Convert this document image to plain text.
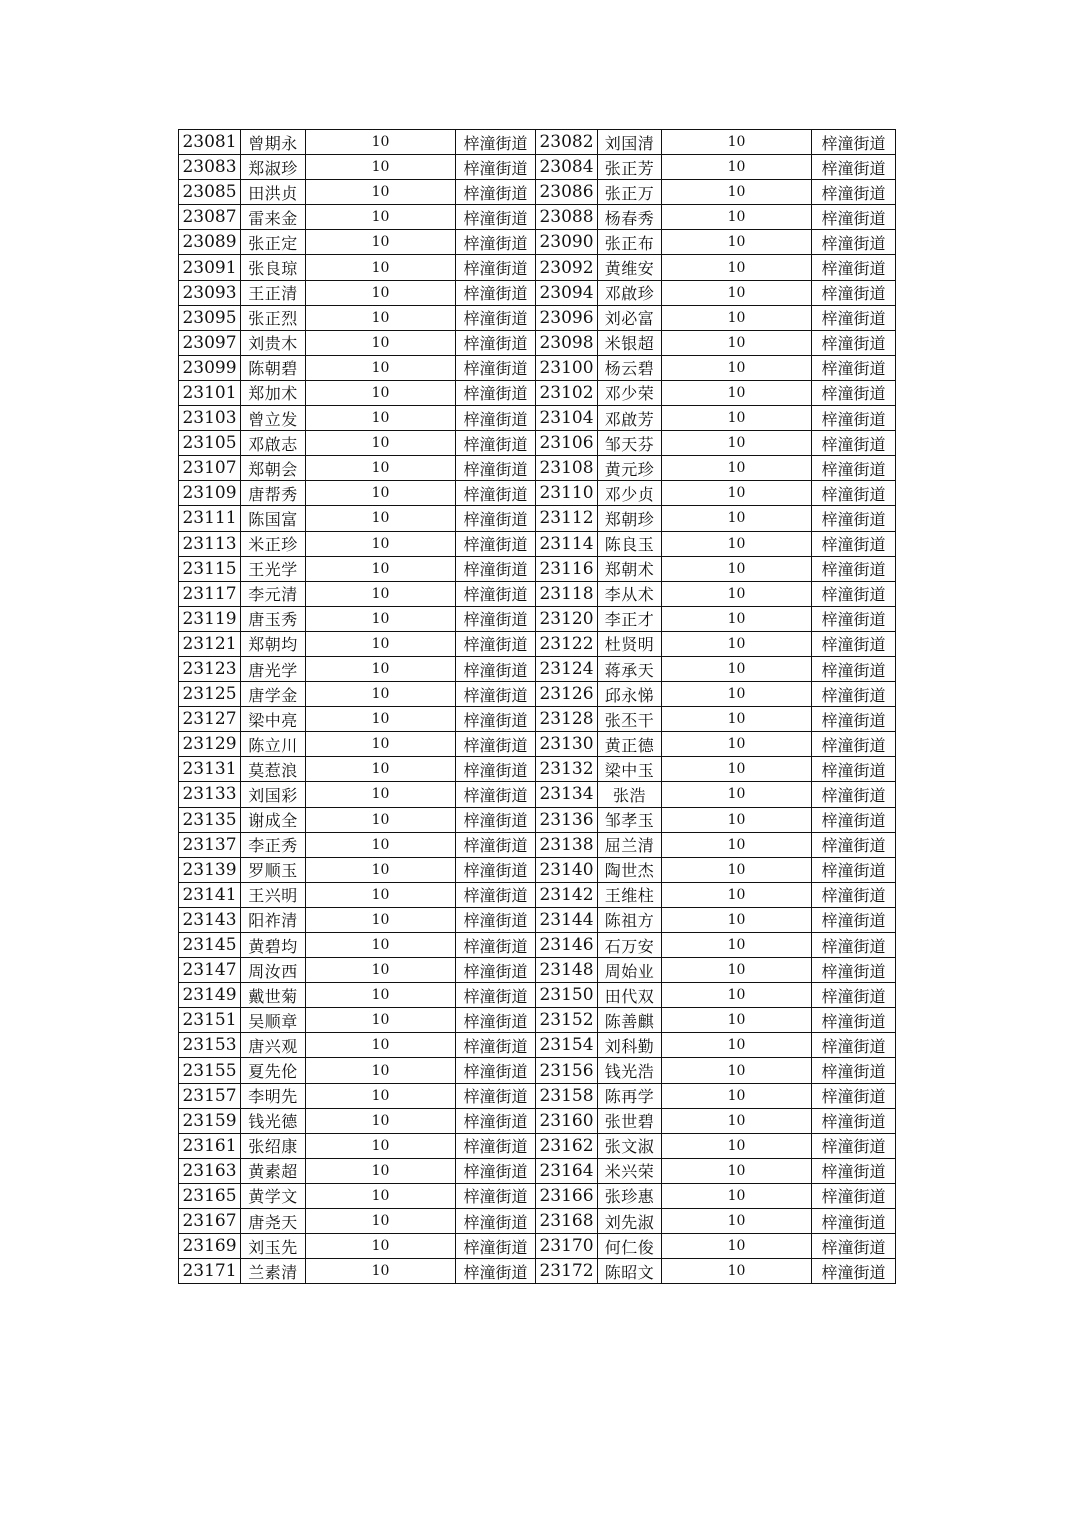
23081	曾期永	10	梓潼街道	23082	刘国清	10	梓潼街道
23083	郑淑珍	10	梓潼街道	23084	张正芳	10	梓潼街道
23085	田洪贞	10	梓潼街道	23086	张正万	10	梓潼街道
23087	雷来金	10	梓潼街道	23088	杨春秀	10	梓潼街道
23089	张正定	10	梓潼街道	23090	张正布	10	梓潼街道
23091	张良琼	10	梓潼街道	23092	黄维安	10	梓潼街道
23093	王正清	10	梓潼街道	23094	邓啟珍	10	梓潼街道
23095	张正烈	10	梓潼街道	23096	刘必富	10	梓潼街道
23097	刘贵木	10	梓潼街道	23098	米银超	10	梓潼街道
23099	陈朝碧	10	梓潼街道	23100	杨云碧	10	梓潼街道
23101	郑加术	10	梓潼街道	23102	邓少荣	10	梓潼街道
23103	曾立发	10	梓潼街道	23104	邓啟芳	10	梓潼街道
23105	邓啟志	10	梓潼街道	23106	邹天芬	10	梓潼街道
23107	郑朝会	10	梓潼街道	23108	黄元珍	10	梓潼街道
23109	唐帮秀	10	梓潼街道	23110	邓少贞	10	梓潼街道
23111	陈国富	10	梓潼街道	23112	郑朝珍	10	梓潼街道
23113	米正珍	10	梓潼街道	23114	陈良玉	10	梓潼街道
23115	王光学	10	梓潼街道	23116	郑朝术	10	梓潼街道
23117	李元清	10	梓潼街道	23118	李从术	10	梓潼街道
23119	唐玉秀	10	梓潼街道	23120	李正才	10	梓潼街道
23121	郑朝均	10	梓潼街道	23122	杜贤明	10	梓潼街道
23123	唐光学	10	梓潼街道	23124	蒋承天	10	梓潼街道
23125	唐学金	10	梓潼街道	23126	邱永悌	10	梓潼街道
23127	梁中亮	10	梓潼街道	23128	张丕干	10	梓潼街道
23129	陈立川	10	梓潼街道	23130	黄正德	10	梓潼街道
23131	莫惹浪	10	梓潼街道	23132	梁中玉	10	梓潼街道
23133	刘国彩	10	梓潼街道	23134	张浩	10	梓潼街道
23135	谢成全	10	梓潼街道	23136	邹孝玉	10	梓潼街道
23137	李正秀	10	梓潼街道	23138	屈兰清	10	梓潼街道
23139	罗顺玉	10	梓潼街道	23140	陶世杰	10	梓潼街道
23141	王兴明	10	梓潼街道	23142	王维柱	10	梓潼街道
23143	阳祚清	10	梓潼街道	23144	陈祖方	10	梓潼街道
23145	黄碧均	10	梓潼街道	23146	石万安	10	梓潼街道
23147	周汝西	10	梓潼街道	23148	周始业	10	梓潼街道
23149	戴世菊	10	梓潼街道	23150	田代双	10	梓潼街道
23151	吴顺章	10	梓潼街道	23152	陈善麒	10	梓潼街道
23153	唐兴观	10	梓潼街道	23154	刘科勤	10	梓潼街道
23155	夏先伦	10	梓潼街道	23156	钱光浩	10	梓潼街道
23157	李明先	10	梓潼街道	23158	陈再学	10	梓潼街道
23159	钱光德	10	梓潼街道	23160	张世碧	10	梓潼街道
23161	张绍康	10	梓潼街道	23162	张文淑	10	梓潼街道
23163	黄素超	10	梓潼街道	23164	米兴荣	10	梓潼街道
23165	黄学文	10	梓潼街道	23166	张珍惠	10	梓潼街道
23167	唐尧天	10	梓潼街道	23168	刘先淑	10	梓潼街道
23169	刘玉先	10	梓潼街道	23170	何仁俊	10	梓潼街道
23171	兰素清	10	梓潼街道	23172	陈昭文	10	梓潼街道
